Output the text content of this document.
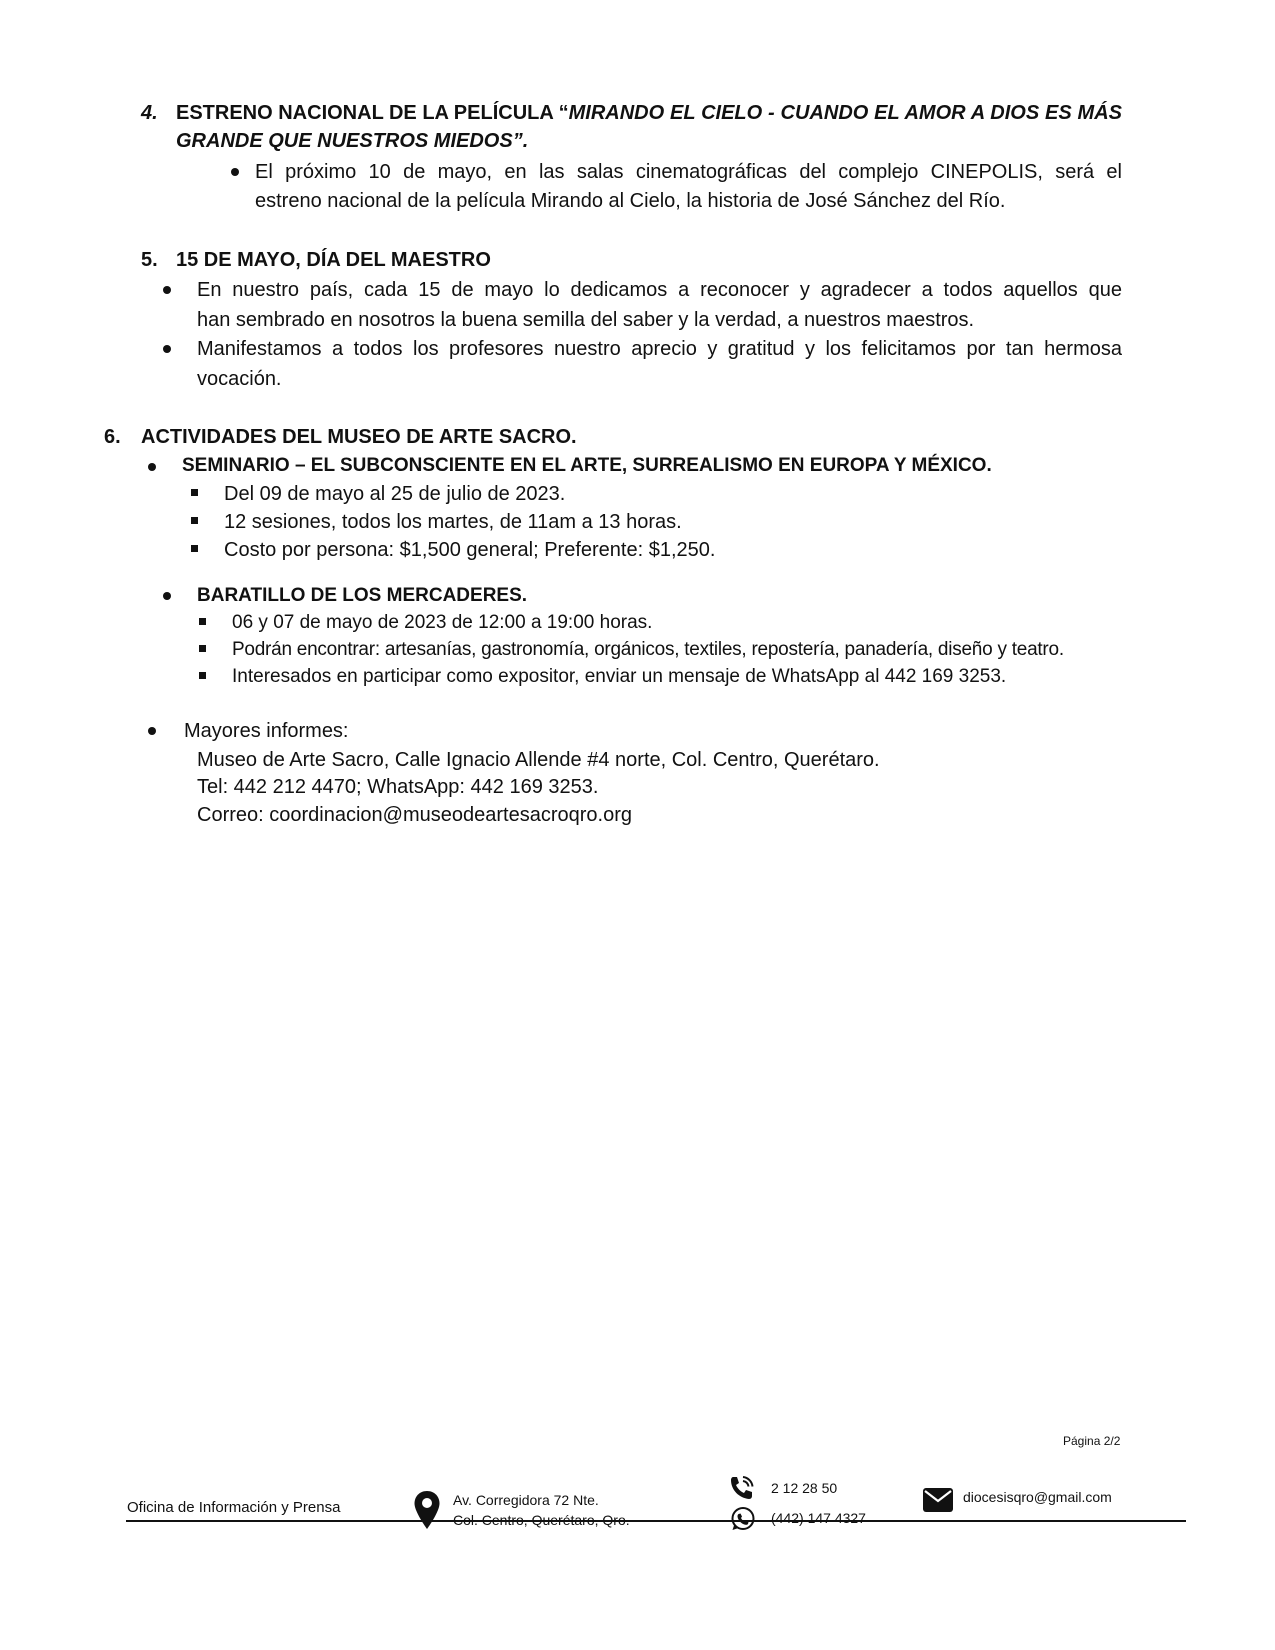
4. ESTRENO NACIONAL DE LA PELÍCULA “ MIRANDO EL CIELO - CUANDO EL AMOR A DIOS ES MÁS
GRANDE QUE NUESTROS MIEDOS”.
El próximo 10 de mayo, en las salas cinematográficas del complejo CINEPOLIS, será el
estreno nacional de la película Mirando al Cielo, la historia de José Sánchez del Río.
5. 15 DE MAYO, DÍA DEL MAESTRO
En nuestro país, cada 15 de mayo lo dedicamos a reconocer y agradecer a todos aquellos que
han sembrado en nosotros la buena semilla del saber y la verdad, a nuestros maestros.
Manifestamos a todos los profesores nuestro aprecio y gratitud y los felicitamos por tan hermosa
vocación.
6. ACTIVIDADES DEL MUSEO DE ARTE SACRO.
SEMINARIO – EL SUBCONSCIENTE EN EL ARTE, SURREALISMO EN EUROPA Y MÉXICO.
Del 09 de mayo al 25 de julio de 2023.
12 sesiones, todos los martes, de 11am a 13 horas.
Costo por persona: $1,500 general; Preferente: $1,250.
BARATILLO DE LOS MERCADERES.
06 y 07 de mayo de 2023 de 12:00 a 19:00 horas.
Podrán encontrar: artesanías, gastronomía, orgánicos, textiles, repostería, panadería, diseño y teatro.
Interesados en participar como expositor, enviar un mensaje de WhatsApp al 442 169 3253.
Mayores informes:
Museo de Arte Sacro, Calle Ignacio Allende #4 norte, Col. Centro, Querétaro.
Tel: 442 212 4470; WhatsApp: 442 169 3253.
Correo: coordinacion@museodeartesacroqro.org
Página 2/2
Oficina de Información y Prensa	Av. Corregidora 72 Nte.
Col. Centro, Querétaro, Qro.
2 12 28 50
(442) 147 4327
diocesisqro@gmail.com
